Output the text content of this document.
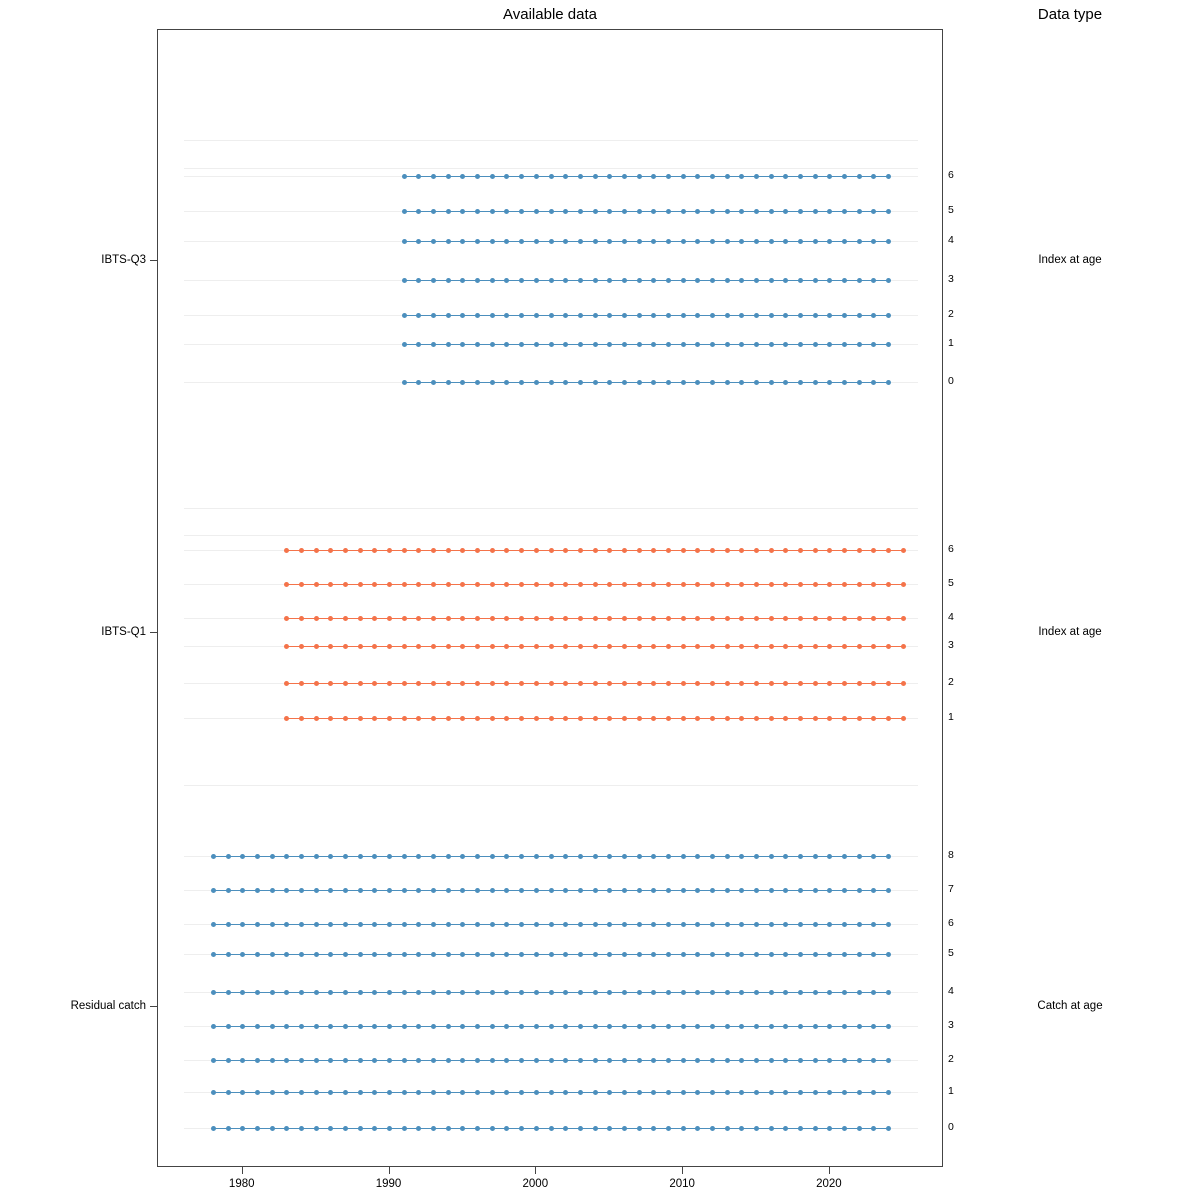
Available data	Data type
6
5
4
3
2
1
0
6
5
4
3
2
1
8
7
6
5
4
3
2
1
0
IBTS-Q3	Index at age
IBTS-Q1	Index at age
Residual catch	Catch at age
1980	1990	2000	2010	2020
